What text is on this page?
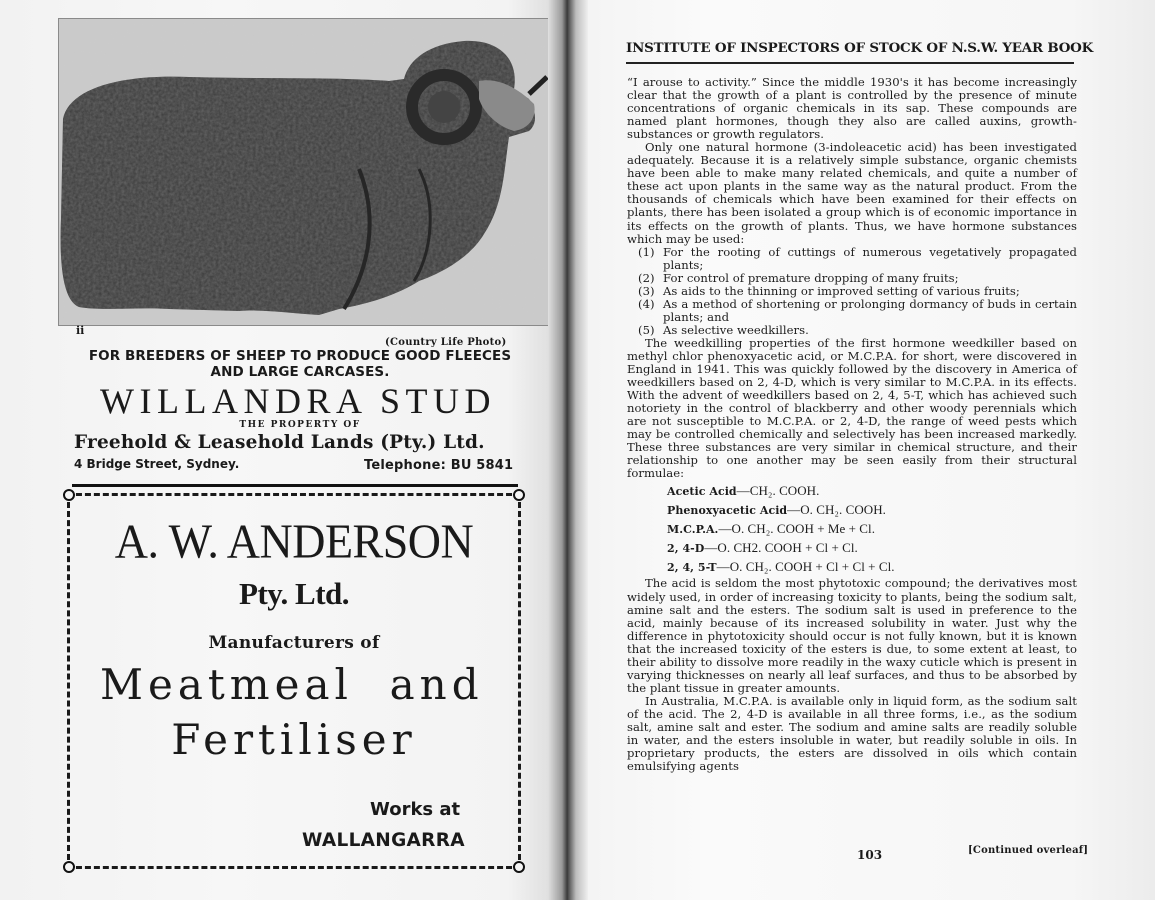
ii
(Country Life Photo)
FOR BREEDERS OF SHEEP TO PRODUCE GOOD FLEECES
AND LARGE CARCASES.
WILLANDRA STUD
THE PROPERTY OF
Freehold & Leasehold Lands (Pty.) Ltd.
4 Bridge Street, Sydney.	Telephone: BU 5841
A. W. ANDERSON
Pty. Ltd.
Manufacturers of
Meatmeal  and
Fertiliser
Works at
WALLANGARRA
INSTITUTE OF INSPECTORS OF STOCK OF N.S.W. YEAR BOOK

“I arouse to activity.” Since the middle 1930's it has become increasingly clear that the growth of a plant is controlled by the presence of minute concentrations of organic chemicals in its sap. These compounds are named plant hormones, though they also are called auxins, growth-substances or growth regulators.

Only one natural hormone (3-indoleacetic acid) has been investigated adequately. Because it is a relatively simple substance, organic chemists have been able to make many related chemicals, and quite a number of these act upon plants in the same way as the natural product. From the thousands of chemicals which have been examined for their effects on plants, there has been isolated a group which is of economic importance in its effects on the growth of plants. Thus, we have hormone substances which may be used:

(1) For the rooting of cuttings of numerous vegetatively propagated plants;
(2) For control of premature dropping of many fruits;
(3) As aids to the thinning or improved setting of various fruits;
(4) As a method of shortening or prolonging dormancy of buds in certain plants; and
(5) As selective weedkillers.

The weedkilling properties of the first hormone weedkiller based on methyl chlor phenoxyacetic acid, or M.C.P.A. for short, were discovered in England in 1941. This was quickly followed by the discovery in America of weedkillers based on 2, 4-D, which is very similar to M.C.P.A. in its effects. With the advent of weedkillers based on 2, 4, 5-T, which has achieved such notoriety in the control of blackberry and other woody perennials which are not susceptible to M.C.P.A. or 2, 4-D, the range of weed pests which may be controlled chemically and selectively has been increased markedly. These three substances are very similar in chemical structure, and their relationship to one another may be seen easily from their structural formulae:

Acetic Acid—CH₂. COOH.
Phenoxyacetic Acid—O. CH₂. COOH.
M.C.P.A.—O. CH₂. COOH + Me + Cl.
2, 4-D—O. CH2. COOH + Cl + Cl.
2, 4, 5-T—O. CH₂. COOH + Cl + Cl + Cl.

The acid is seldom the most phytotoxic compound; the derivatives most widely used, in order of increasing toxicity to plants, being the sodium salt, amine salt and the esters. The sodium salt is used in preference to the acid, mainly because of its increased solubility in water. Just why the difference in phytotoxicity should occur is not fully known, but it is known that the increased toxicity of the esters is due, to some extent at least, to their ability to dissolve more readily in the waxy cuticle which is present in varying thicknesses on nearly all leaf surfaces, and thus to be absorbed by the plant tissue in greater amounts.

In Australia, M.C.P.A. is available only in liquid form, as the sodium salt of the acid. The 2, 4-D is available in all three forms, i.e., as the sodium salt, amine salt and ester. The sodium and amine salts are readily soluble in water, and the esters insoluble in water, but readily soluble in oils. In proprietary products, the esters are dissolved in oils which contain emulsifying agents

[Continued overleaf]
103
